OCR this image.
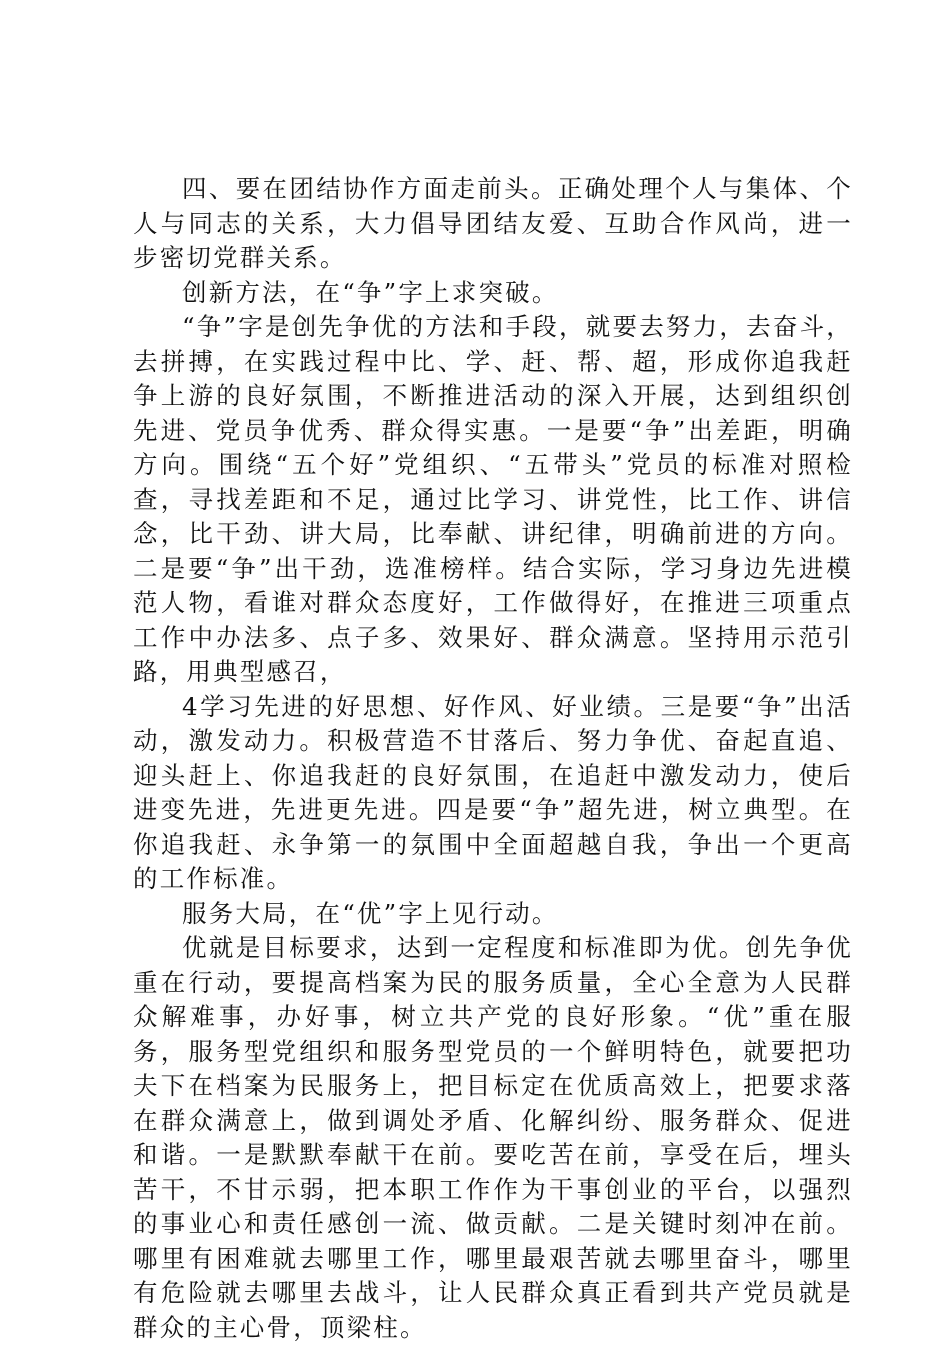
四、要在团结协作方面走前头。正确处理个人与集体、个人与同志的关系，大力倡导团结友爱、互助合作风尚，进一步密切党群关系。

创新方法，在“争”字上求突破。

“争”字是创先争优的方法和手段，就要去努力，去奋斗，去拼搏，在实践过程中比、学、赶、帮、超，形成你追我赶争上游的良好氛围，不断推进活动的深入开展，达到组织创先进、党员争优秀、群众得实惠。一是要“争”出差距，明确方向。围绕“五个好”党组织、“五带头”党员的标准对照检查，寻找差距和不足，通过比学习、讲党性，比工作、讲信念，比干劲、讲大局，比奉献、讲纪律，明确前进的方向。二是要“争”出干劲，选准榜样。结合实际，学习身边先进模范人物，看谁对群众态度好，工作做得好，在推进三项重点工作中办法多、点子多、效果好、群众满意。坚持用示范引路，用典型感召，

4学习先进的好思想、好作风、好业绩。三是要“争”出活动，激发动力。积极营造不甘落后、努力争优、奋起直追、迎头赶上、你追我赶的良好氛围，在追赶中激发动力，使后进变先进，先进更先进。四是要“争”超先进，树立典型。在你追我赶、永争第一的氛围中全面超越自我，争出一个更高的工作标准。

服务大局，在“优”字上见行动。

优就是目标要求，达到一定程度和标准即为优。创先争优重在行动，要提高档案为民的服务质量，全心全意为人民群众解难事，办好事，树立共产党的良好形象。“优”重在服务，服务型党组织和服务型党员的一个鲜明特色，就要把功夫下在档案为民服务上，把目标定在优质高效上，把要求落在群众满意上，做到调处矛盾、化解纠纷、服务群众、促进和谐。一是默默奉献干在前。要吃苦在前，享受在后，埋头苦干，不甘示弱，把本职工作作为干事创业的平台，以强烈的事业心和责任感创一流、做贡献。二是关键时刻冲在前。哪里有困难就去哪里工作，哪里最艰苦就去哪里奋斗，哪里有危险就去哪里去战斗，让人民群众真正看到共产党员就是群众的主心骨，顶梁柱。
